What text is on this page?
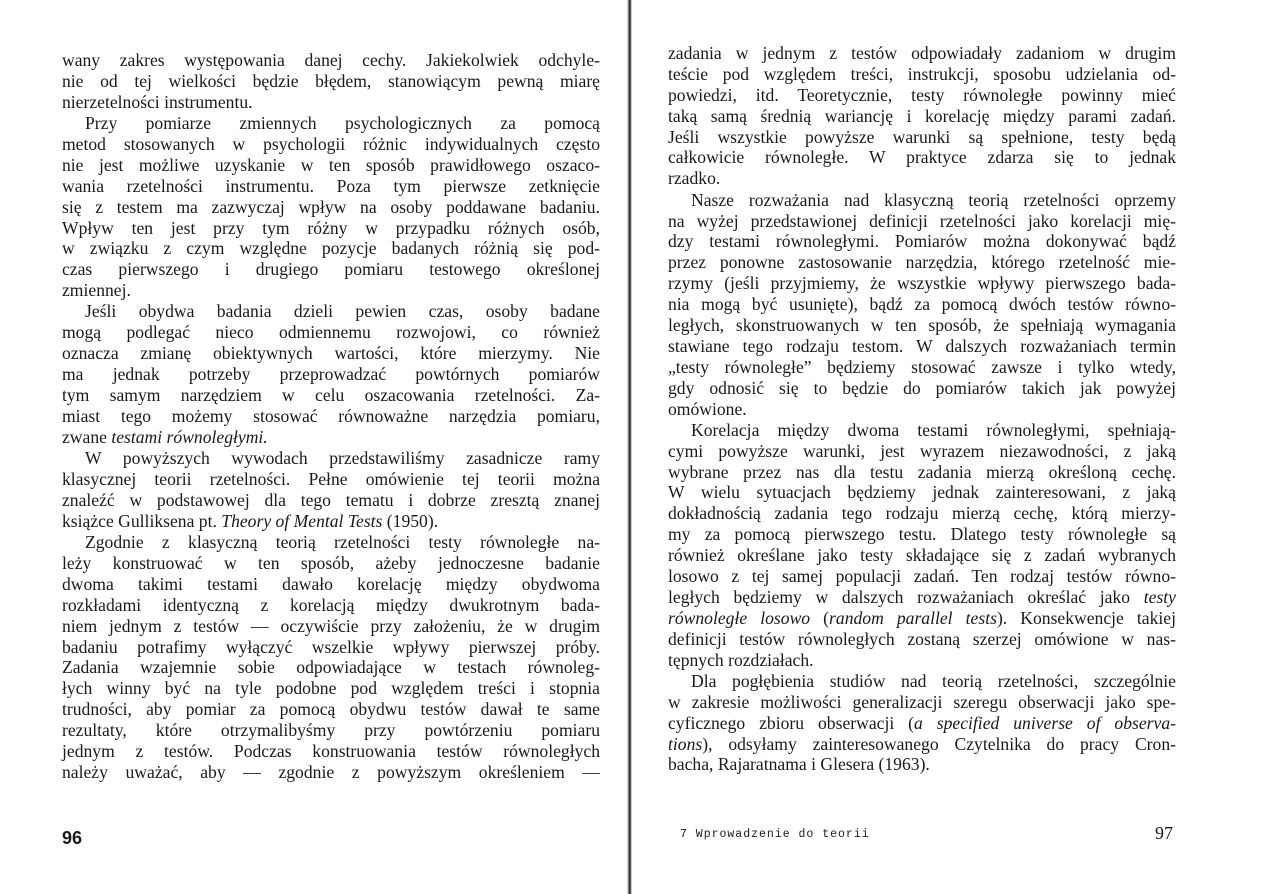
wany zakres występowania danej cechy. Jakiekolwiek odchyle-
nie od tej wielkości będzie błędem, stanowiącym pewną miarę
nierzetelności instrumentu.
Przy pomiarze zmiennych psychologicznych za pomocą
metod stosowanych w psychologii różnic indywidualnych często
nie jest możliwe uzyskanie w ten sposób prawidłowego oszaco-
wania rzetelności instrumentu. Poza tym pierwsze zetknięcie
się z testem ma zazwyczaj wpływ na osoby poddawane badaniu.
Wpływ ten jest przy tym różny w przypadku różnych osób,
w związku z czym względne pozycje badanych różnią się pod-
czas pierwszego i drugiego pomiaru testowego określonej
zmiennej.
Jeśli obydwa badania dzieli pewien czas, osoby badane
mogą podlegać nieco odmiennemu rozwojowi, co również
oznacza zmianę obiektywnych wartości, które mierzymy. Nie
ma jednak potrzeby przeprowadzać powtórnych pomiarów
tym samym narzędziem w celu oszacowania rzetelności. Za-
miast tego możemy stosować równoważne narzędzia pomiaru,
zwane testami równoległymi.
W powyższych wywodach przedstawiliśmy zasadnicze ramy
klasycznej teorii rzetelności. Pełne omówienie tej teorii można
znaleźć w podstawowej dla tego tematu i dobrze zresztą znanej
książce Gulliksena pt. Theory of Mental Tests (1950).
Zgodnie z klasyczną teorią rzetelności testy równoległe na-
leży konstruować w ten sposób, ażeby jednoczesne badanie
dwoma takimi testami dawało korelację między obydwoma
rozkładami identyczną z korelacją między dwukrotnym bada-
niem jednym z testów — oczywiście przy założeniu, że w drugim
badaniu potrafimy wyłączyć wszelkie wpływy pierwszej próby.
Zadania wzajemnie sobie odpowiadające w testach równoleg-
łych winny być na tyle podobne pod względem treści i stopnia
trudności, aby pomiar za pomocą obydwu testów dawał te same
rezultaty, które otrzymalibyśmy przy powtórzeniu pomiaru
jednym z testów. Podczas konstruowania testów równoległych
należy uważać, aby — zgodnie z powyższym określeniem —
96
zadania w jednym z testów odpowiadały zadaniom w drugim
teście pod względem treści, instrukcji, sposobu udzielania od-
powiedzi, itd. Teoretycznie, testy równoległe powinny mieć
taką samą średnią wariancję i korelację między parami zadań.
Jeśli wszystkie powyższe warunki są spełnione, testy będą
całkowicie równoległe. W praktyce zdarza się to jednak
rzadko.
Nasze rozważania nad klasyczną teorią rzetelności oprzemy
na wyżej przedstawionej definicji rzetelności jako korelacji mię-
dzy testami równoległymi. Pomiarów można dokonywać bądź
przez ponowne zastosowanie narzędzia, którego rzetelność mie-
rzymy (jeśli przyjmiemy, że wszystkie wpływy pierwszego bada-
nia mogą być usunięte), bądź za pomocą dwóch testów równo-
ległych, skonstruowanych w ten sposób, że spełniają wymagania
stawiane tego rodzaju testom. W dalszych rozważaniach termin
„testy równoległe” będziemy stosować zawsze i tylko wtedy,
gdy odnosić się to będzie do pomiarów takich jak powyżej
omówione.
Korelacja między dwoma testami równoległymi, spełniają-
cymi powyższe warunki, jest wyrazem niezawodności, z jaką
wybrane przez nas dla testu zadania mierzą określoną cechę.
W wielu sytuacjach będziemy jednak zainteresowani, z jaką
dokładnością zadania tego rodzaju mierzą cechę, którą mierzy-
my za pomocą pierwszego testu. Dlatego testy równoległe są
również określane jako testy składające się z zadań wybranych
losowo z tej samej populacji zadań. Ten rodzaj testów równo-
ległych będziemy w dalszych rozważaniach określać jako testy
równoległe losowo (random parallel tests). Konsekwencje takiej
definicji testów równoległych zostaną szerzej omówione w nas-
tępnych rozdziałach.
Dla pogłębienia studiów nad teorią rzetelności, szczególnie
w zakresie możliwości generalizacji szeregu obserwacji jako spe-
cyficznego zbioru obserwacji (a specified universe of observa-
tions), odsyłamy zainteresowanego Czytelnika do pracy Cron-
bacha, Rajaratnama i Glesera (1963).
7 Wprowadzenie do teorii	97
